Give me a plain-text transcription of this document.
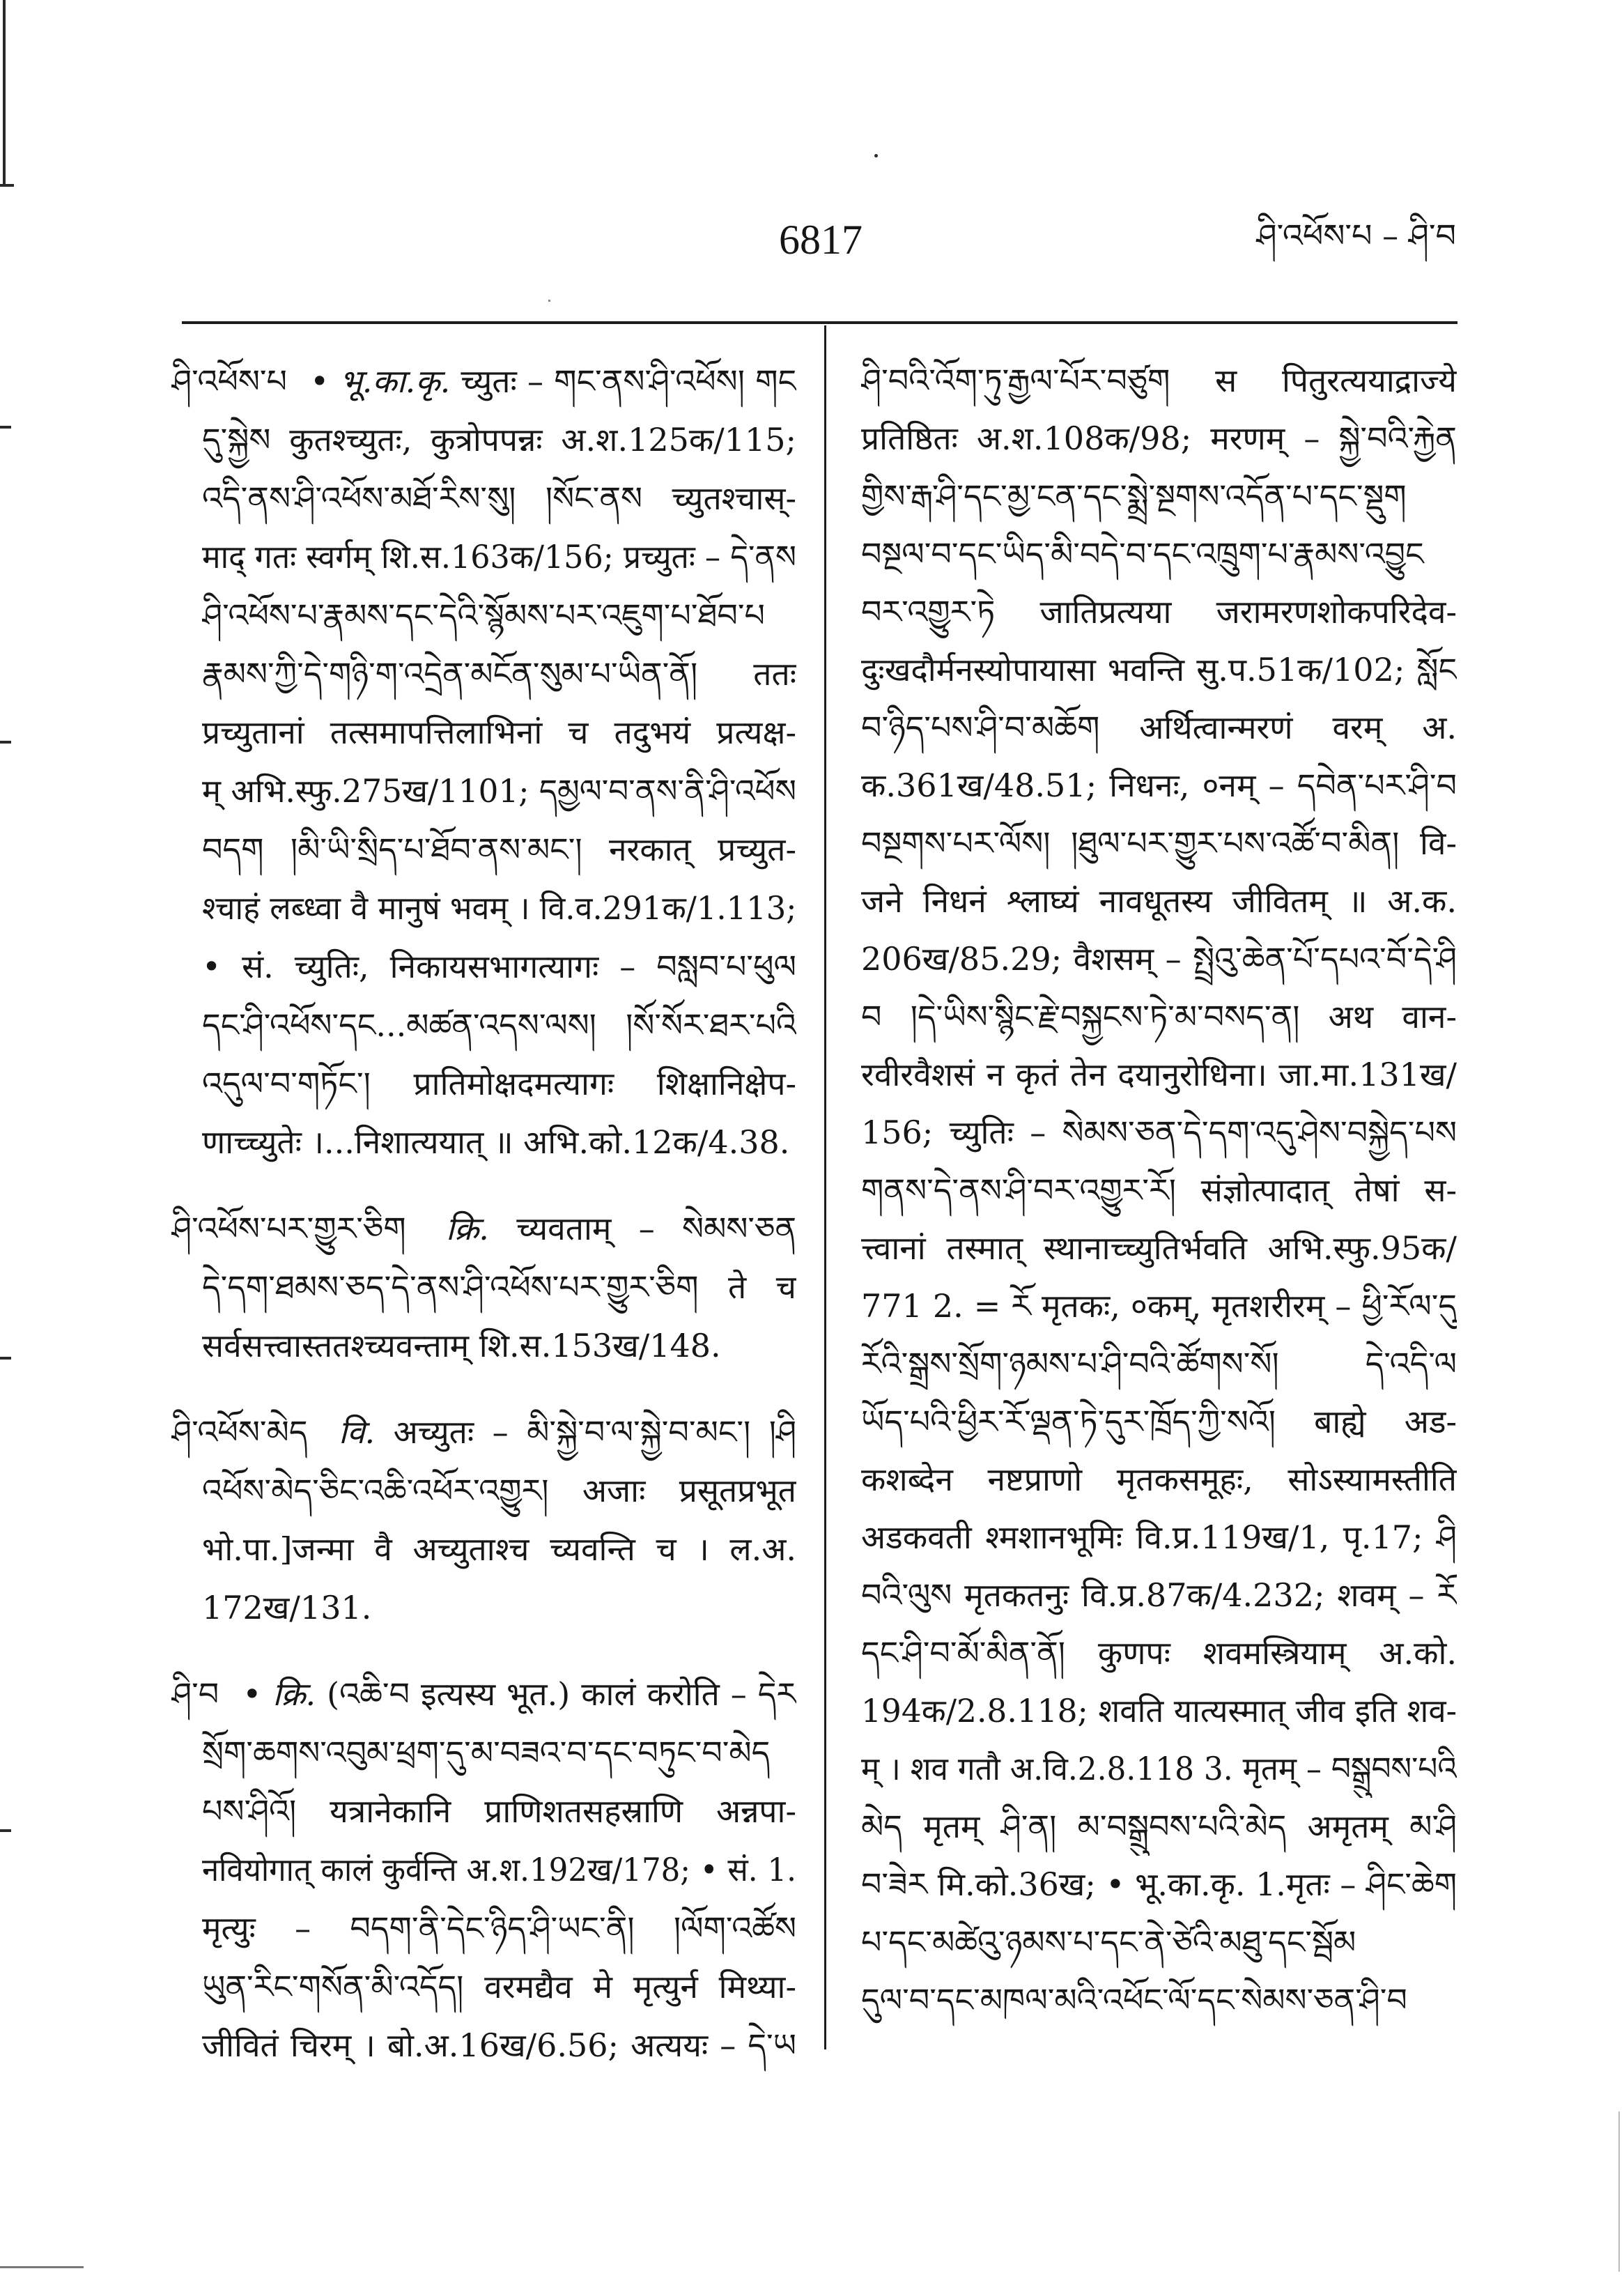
6817	ཤི་འཕོས་པ – ཤི་བ
ཤི་འཕོས་པ • भू.का.कृ. च्युतः – གང་ནས་ཤི་འཕོས། གང
དུ་སྐྱེས कुतश्च्युतः, कुत्रोपपन्नः अ.श.125क/115;
འདི་ནས་ཤི་འཕོས་མཐོ་རིས་སུ། །སོང་ནས च्युतश्चास्-
माद् गतः स्वर्गम् शि.स.163क/156; प्रच्युतः – དེ་ནས
ཤི་འཕོས་པ་རྣམས་དང་དེའི་སྙོམས་པར་འཇུག་པ་ཐོབ་པ
རྣམས་ཀྱི་དེ་གཉི་ག་འདྲེན་མངོན་སུམ་པ་ཡིན་ནོ། ततः
प्रच्युतानां तत्समापत्तिलाभिनां च तदुभयं प्रत्यक्ष-
म् अभि.स्फु.275ख/1101; དམྱལ་བ་ནས་ནི་ཤི་འཕོས
བདག །མི་ཡི་སྲིད་པ་ཐོབ་ནས་མང་། नरकात् प्रच्युत-
श्चाहं लब्ध्वा वै मानुषं भवम् । वि.व.291क/1.113;
• सं. च्युतिः, निकायसभागत्यागः – བསླབ་པ་ཕུལ
དང་ཤི་འཕོས་དང...མཚན་འདས་ལས། །སོ་སོར་ཐར་པའི
འདུལ་བ་གཏོང་། प्रातिमोक्षदमत्यागः शिक्षानिक्षेप-
णाच्च्युतेः ।...निशात्ययात् ॥ अभि.को.12क/4.38.
ཤི་འཕོས་པར་གྱུར་ཅིག क्रि. च्यवताम् – སེམས་ཅན
དེ་དག་ཐམས་ཅད་དེ་ནས་ཤི་འཕོས་པར་གྱུར་ཅིག ते च
सर्वसत्त्वास्ततश्च्यवन्ताम् शि.स.153ख/148.
ཤི་འཕོས་མེད वि. अच्युतः – མི་སྐྱེ་བ་ལ་སྐྱེ་བ་མང་། །ཤི
འཕོས་མེད་ཅིང་འཆི་འཕོར་འགྱུར། अजाः प्रसूतप्रभूत
भो.पा.]जन्मा वै अच्युताश्च च्यवन्ति च । ल.अ.
172ख/131.
ཤི་བ • क्रि. (འཆི་བ इत्यस्य भूत.) कालं करोति – དེར
སྲོག་ཆགས་འབུམ་ཕྲག་དུ་མ་བཟའ་བ་དང་བཏུང་བ་མེད
པས་ཤིའོ། यत्रानेकानि प्राणिशतसहस्राणि अन्नपा-
नवियोगात् कालं कुर्वन्ति अ.श.192ख/178; • सं. 1.
मृत्युः – བདག་ནི་དེང་ཉིད་ཤི་ཡང་ནི། །ལོག་འཚོས
ཡུན་རིང་གསོན་མི་འདོད། वरमद्यैव मे मृत्युर्न मिथ्या-
जीवितं चिरम् । बो.अ.16ख/6.56; अत्ययः – དེ་ཡ
ཤི་བའི་འོག་ཏུ་རྒྱལ་པོར་བཙུག स पितुरत्ययाद्राज्ये
प्रतिष्ठितः अ.श.108क/98; मरणम् – སྐྱེ་བའི་རྐྱེན
གྱིས་རྒ་ཤི་དང་མྱ་ངན་དང་སྨྲེ་སྔགས་འདོན་པ་དང་སྡུག
བསྔལ་བ་དང་ཡིད་མི་བདེ་བ་དང་འཁྲུག་པ་རྣམས་འབྱུང
བར་འགྱུར་ཏེ जातिप्रत्यया जरामरणशोकपरिदेव-
दुःखदौर्मनस्योपायासा भवन्ति सु.प.51क/102; སློང
བ་ཉིད་པས་ཤི་བ་མཆོག अर्थित्वान्मरणं वरम् अ.
क.361ख/48.51; निधनः, ०नम् – དབེན་པར་ཤི་བ
བསྔགས་པར་ལོས། །ཐུལ་པར་གྱུར་པས་འཚོ་བ་མིན། वि-
जने निधनं श्लाघ्यं नावधूतस्य जीवितम् ॥ अ.क.
206ख/85.29; वैशसम् – སྤྲེའུ་ཆེན་པོ་དཔའ་བོ་དེ་ཤི
བ །དེ་ཡིས་སྙིང་རྗེ་བསྐྱངས་ཏེ་མ་བསད་ན། अथ वान-
रवीरवैशसं न कृतं तेन दयानुरोधिना। जा.मा.131ख/
156; च्युतिः – སེམས་ཅན་དེ་དག་འདུ་ཤེས་བསྐྱེད་པས
གནས་དེ་ནས་ཤི་བར་འགྱུར་རོ། संज्ञोत्पादात् तेषां स-
त्त्वानां तस्मात् स्थानाच्च्युतिर्भवति अभि.स्फु.95क/
771 2. = རོ मृतकः, ०कम्, मृतशरीरम् – ཕྱི་རོལ་དུ
རོའི་སྒྲས་སྲོག་ཉམས་པ་ཤི་བའི་ཚོགས་སོ། དེ་འདི་ལ
ཡོད་པའི་ཕྱིར་རོ་ལྡན་ཏེ་དུར་ཁྲོད་ཀྱི་སའོ། बाह्ये अड-
कशब्देन नष्टप्राणो मृतकसमूहः, सोऽस्यामस्तीति
अडकवती श्मशानभूमिः वि.प्र.119ख/1, पृ.17; ཤི
བའི་ལུས मृतकतनुः वि.प्र.87क/4.232; शवम् – རོ
དང་ཤི་བ་མོ་མིན་ནོ། कुणपः शवमस्त्रियाम् अ.को.
194क/2.8.118; शवति यात्यस्मात् जीव इति शव-
म् । शव गतौ अ.वि.2.8.118 3. मृतम् – བསྒྲུབས་པའི
མེད मृतम् ཤི་ན། མ་བསྒྲུབས་པའི་མེད अमृतम् མ་ཤི
བ་ཟེར मि.को.36ख; • भू.का.कृ. 1.मृतः – ཤིང་ཆེག
པ་དང་མཚེའུ་ཉམས་པ་དང་ནེ་ཙེའི་མཐུ་དང་སྦོམ
དུལ་བ་དང་མཁལ་མའི་འཕོང་ལོ་དང་སེམས་ཅན་ཤི་བ
